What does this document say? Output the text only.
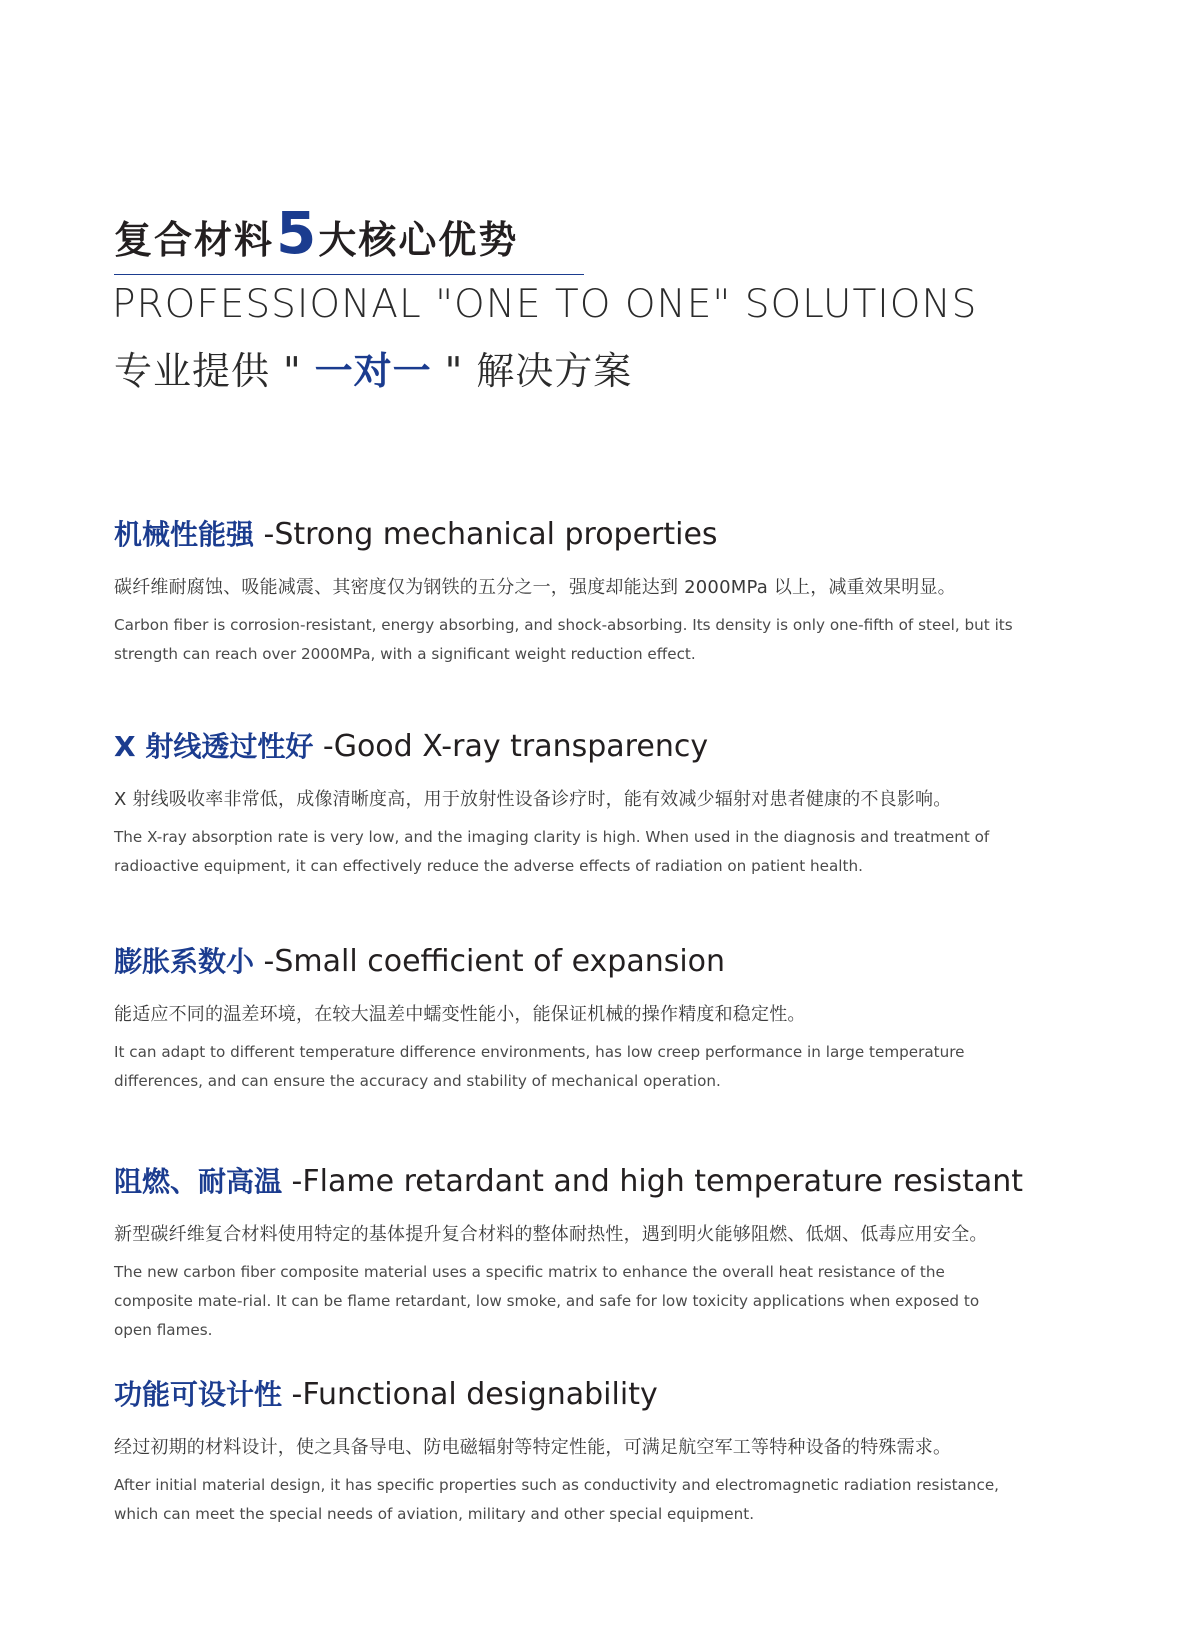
复合材料5大核心优势
PROFESSIONAL "ONE TO ONE" SOLUTIONS
专业提供 " 一对一 " 解决方案
机械性能强 -Strong mechanical properties
碳纤维耐腐蚀、吸能减震、其密度仅为钢铁的五分之一，强度却能达到 2000MPa 以上，减重效果明显。
Carbon fiber is corrosion-resistant, energy absorbing, and shock-absorbing. Its density is only one-fifth of steel, but its strength can reach over 2000MPa, with a significant weight reduction effect.
X 射线透过性好 -Good X-ray transparency
X 射线吸收率非常低，成像清晰度高，用于放射性设备诊疗时，能有效减少辐射对患者健康的不良影响。
The X-ray absorption rate is very low, and the imaging clarity is high. When used in the diagnosis and treatment of radioactive equipment, it can effectively reduce the adverse effects of radiation on patient health.
膨胀系数小 -Small coefficient of expansion
能适应不同的温差环境，在较大温差中蠕变性能小，能保证机械的操作精度和稳定性。
It can adapt to different temperature difference environments, has low creep performance in large temperature differences, and can ensure the accuracy and stability of mechanical operation.
阻燃、耐高温 -Flame retardant and high temperature resistant
新型碳纤维复合材料使用特定的基体提升复合材料的整体耐热性，遇到明火能够阻燃、低烟、低毒应用安全。
The new carbon fiber composite material uses a specific matrix to enhance the overall heat resistance of the composite mate-rial. It can be flame retardant, low smoke, and safe for low toxicity applications when exposed to open flames.
功能可设计性 -Functional designability
经过初期的材料设计，使之具备导电、防电磁辐射等特定性能，可满足航空军工等特种设备的特殊需求。
After initial material design, it has specific properties such as conductivity and electromagnetic radiation resistance, which can meet the special needs of aviation, military and other special equipment.
